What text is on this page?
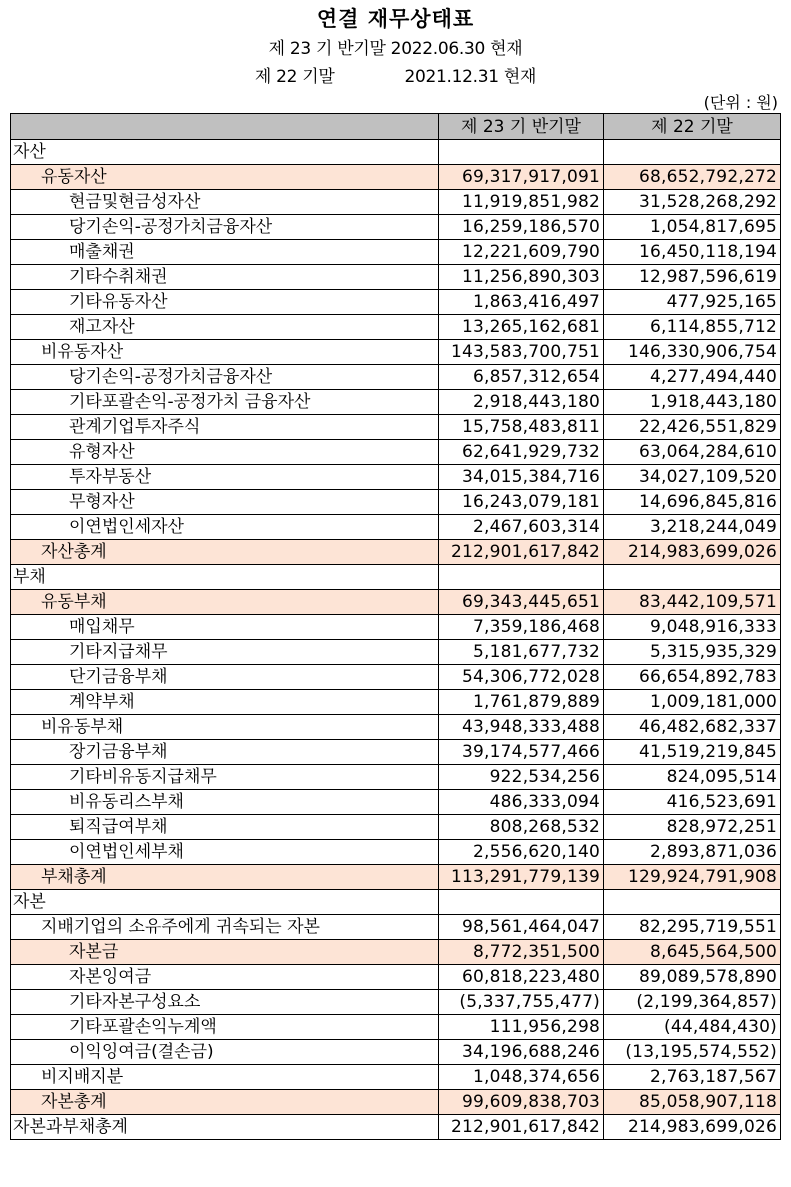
연결 재무상태표
제 23 기 반기말 2022.06.30 현재
제 22 기말	2021.12.31 현재
(단위 : 원)
	제 23 기 반기말	제 22 기말
자산		
유동자산	69,317,917,091	68,652,792,272
현금및현금성자산	11,919,851,982	31,528,268,292
당기손익-공정가치금융자산	16,259,186,570	1,054,817,695
매출채권	12,221,609,790	16,450,118,194
기타수취채권	11,256,890,303	12,987,596,619
기타유동자산	1,863,416,497	477,925,165
재고자산	13,265,162,681	6,114,855,712
비유동자산	143,583,700,751	146,330,906,754
당기손익-공정가치금융자산	6,857,312,654	4,277,494,440
기타포괄손익-공정가치 금융자산	2,918,443,180	1,918,443,180
관계기업투자주식	15,758,483,811	22,426,551,829
유형자산	62,641,929,732	63,064,284,610
투자부동산	34,015,384,716	34,027,109,520
무형자산	16,243,079,181	14,696,845,816
이연법인세자산	2,467,603,314	3,218,244,049
자산총계	212,901,617,842	214,983,699,026
부채		
유동부채	69,343,445,651	83,442,109,571
매입채무	7,359,186,468	9,048,916,333
기타지급채무	5,181,677,732	5,315,935,329
단기금융부채	54,306,772,028	66,654,892,783
계약부채	1,761,879,889	1,009,181,000
비유동부채	43,948,333,488	46,482,682,337
장기금융부채	39,174,577,466	41,519,219,845
기타비유동지급채무	922,534,256	824,095,514
비유동리스부채	486,333,094	416,523,691
퇴직급여부채	808,268,532	828,972,251
이연법인세부채	2,556,620,140	2,893,871,036
부채총계	113,291,779,139	129,924,791,908
자본		
지배기업의 소유주에게 귀속되는 자본	98,561,464,047	82,295,719,551
자본금	8,772,351,500	8,645,564,500
자본잉여금	60,818,223,480	89,089,578,890
기타자본구성요소	(5,337,755,477)	(2,199,364,857)
기타포괄손익누계액	111,956,298	(44,484,430)
이익잉여금(결손금)	34,196,688,246	(13,195,574,552)
비지배지분	1,048,374,656	2,763,187,567
자본총계	99,609,838,703	85,058,907,118
자본과부채총계	212,901,617,842	214,983,699,026
